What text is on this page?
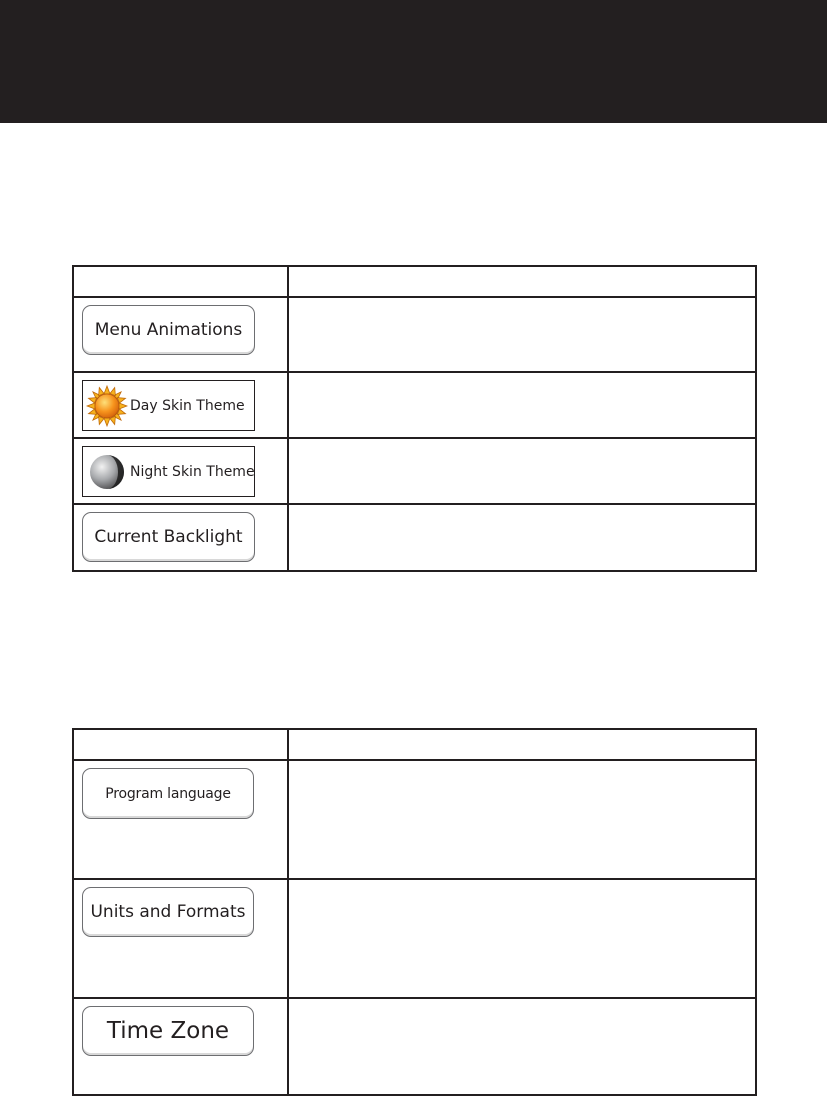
Menu Animations	

Day Skin Theme	

Night Skin Theme	

Current Backlight	

Program language	

Units and Formats	

Time Zone	
